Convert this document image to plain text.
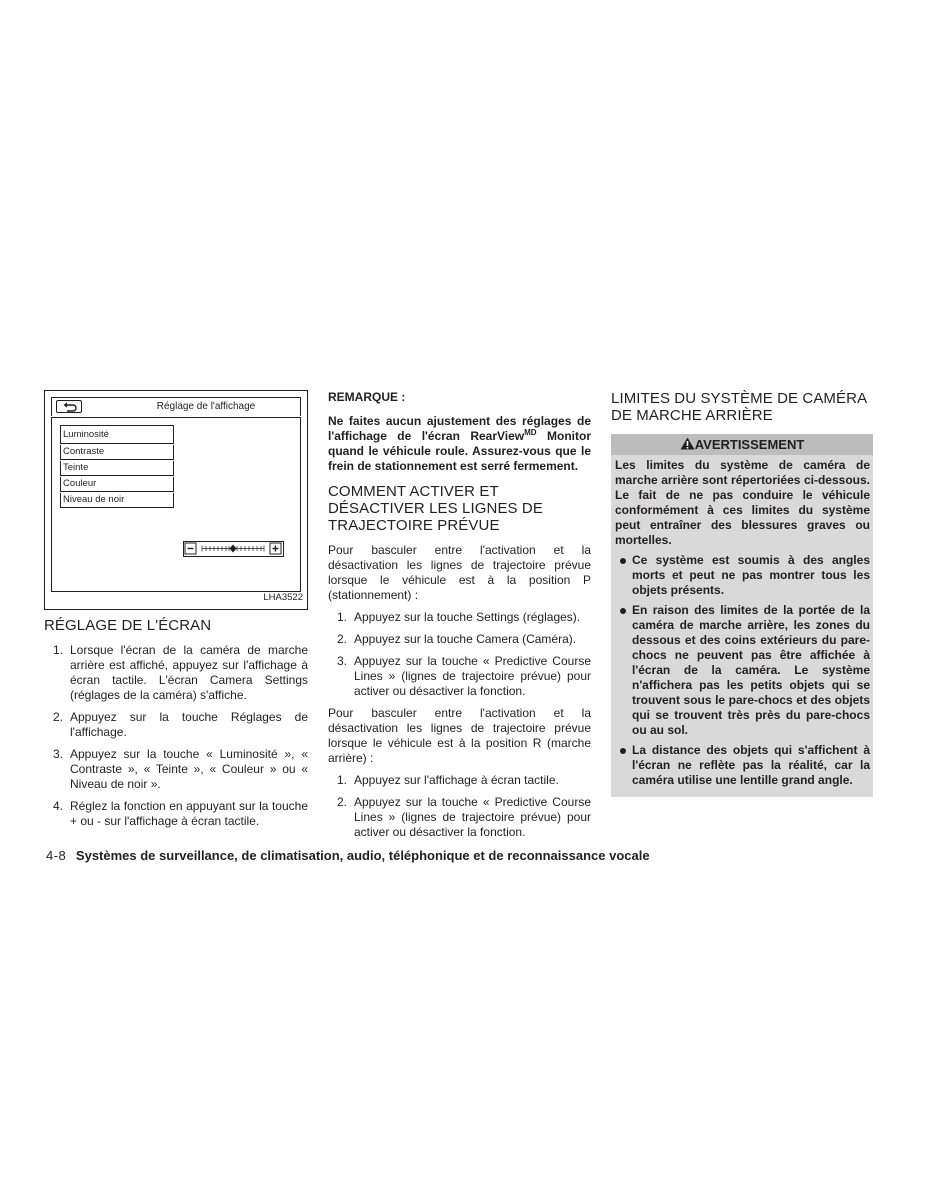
Réglage de l'affichage
Luminosité
Contraste
Teinte
Couleur
Niveau de noir

LHA3522

RÉGLAGE DE L'ÉCRAN
1. Lorsque l'écran de la caméra de marche arrière est affiché, appuyez sur l'affichage à écran tactile. L'écran Camera Settings (réglages de la caméra) s'affiche.
2. Appuyez sur la touche Réglages de l'affichage.
3. Appuyez sur la touche « Luminosité », « Contraste », « Teinte », « Couleur » ou « Niveau de noir ».
4. Réglez la fonction en appuyant sur la touche + ou - sur l'affichage à écran tactile.

REMARQUE :

Ne faites aucun ajustement des réglages de l'affichage de l'écran RearView$^{MD}$ Monitor quand le véhicule roule. Assurez-vous que le frein de stationnement est serré fermement.

COMMENT ACTIVER ET DÉSACTIVER LES LIGNES DE TRAJECTOIRE PRÉVUE

Pour basculer entre l'activation et la désactivation les lignes de trajectoire prévue lorsque le véhicule est à la position P (stationnement) :

1. Appuyez sur la touche Settings (réglages).
2. Appuyez sur la touche Camera (Caméra).
3. Appuyez sur la touche « Predictive Course Lines » (lignes de trajectoire prévue) pour activer ou désactiver la fonction.

Pour basculer entre l'activation et la désactivation les lignes de trajectoire prévue lorsque le véhicule est à la position R (marche arrière) :

1. Appuyez sur l'affichage à écran tactile.
2. Appuyez sur la touche « Predictive Course Lines » (lignes de trajectoire prévue) pour activer ou désactiver la fonction.
LIMITES DU SYSTÈME DE CAMÉRA DE MARCHE ARRIÈRE
AVERTISSEMENT

Les limites du système de caméra de marche arrière sont répertoriées ci-dessous. Le fait de ne pas conduire le véhicule conformément à ces limites du système peut entraîner des blessures graves ou mortelles.

Ce système est soumis à des angles morts et peut ne pas montrer tous les objets présents.
En raison des limites de la portée de la caméra de marche arrière, les zones du dessous et des coins extérieurs du pare-chocs ne peuvent pas être affichée à l'écran de la caméra. Le système n'affichera pas les petits objets qui se trouvent sous le pare-chocs et des objets qui se trouvent très près du pare-chocs ou au sol.
La distance des objets qui s'affichent à l'écran ne reflète pas la réalité, car la caméra utilise une lentille grand angle.
4-8 Systèmes de surveillance, de climatisation, audio, téléphonique et de reconnaissance vocale
